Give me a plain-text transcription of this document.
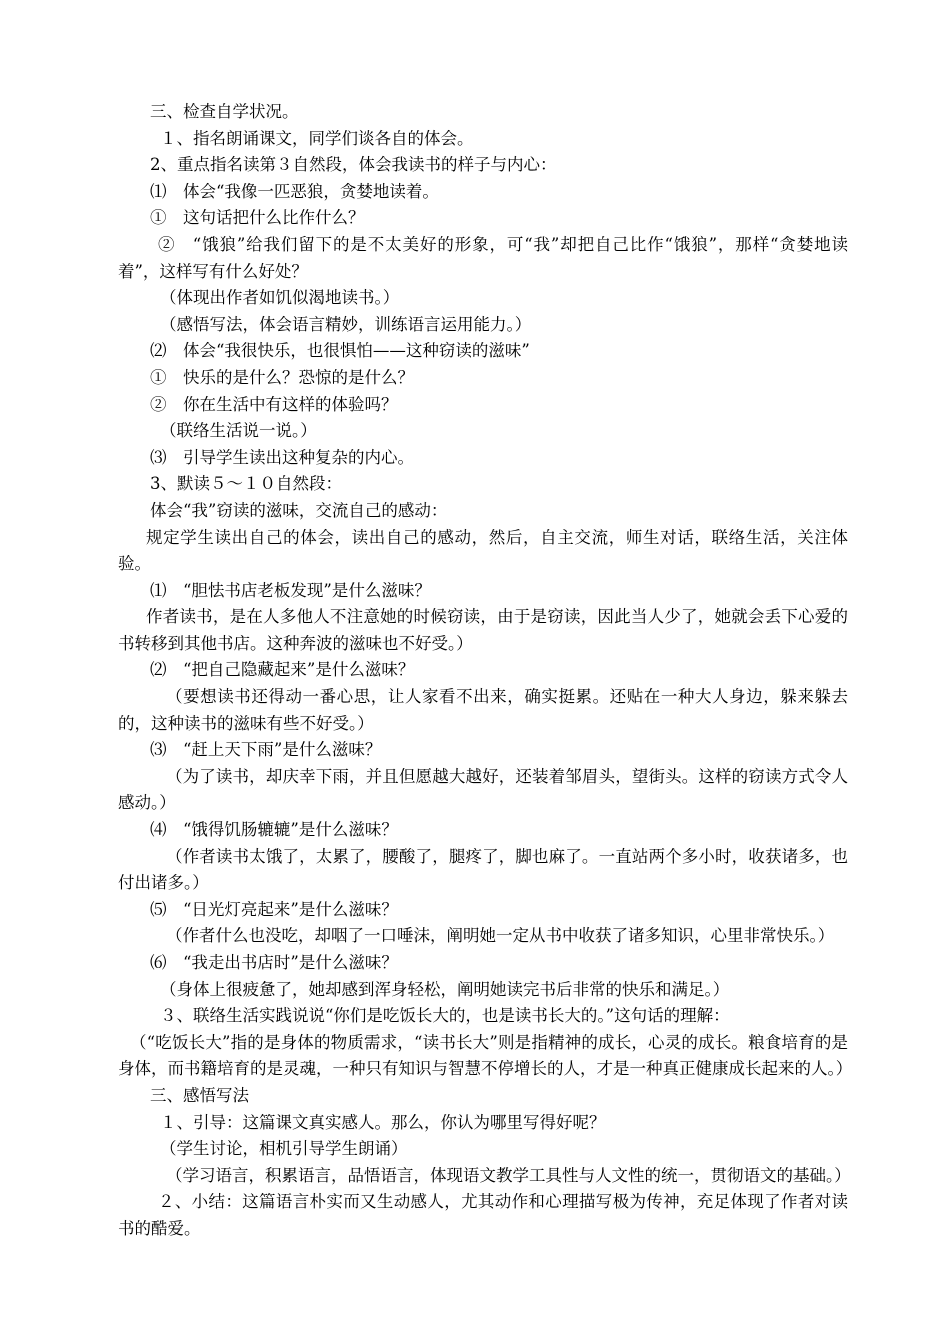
三、检查自学状况。

１、指名朗诵课文，同学们谈各自的体会。

2、重点指名读第３自然段，体会我读书的样子与内心：

⑴　体会“我像一匹恶狼，贪婪地读着。

①　这句话把什么比作什么？

②　“饿狼”给我们留下的是不太美好的形象，可“我”却把自己比作“饿狼”，那样“贪婪地读着”，这样写有什么好处？

（体现出作者如饥似渴地读书。）

（感悟写法，体会语言精妙，训练语言运用能力。）

⑵　体会“我很快乐，也很惧怕——这种窃读的滋味”

①　快乐的是什么？恐惊的是什么？

②　你在生活中有这样的体验吗？

（联络生活说一说。）

⑶　引导学生读出这种复杂的内心。

3、默读５～１０自然段：

体会“我”窃读的滋味，交流自己的感动：

规定学生读出自己的体会，读出自己的感动，然后，自主交流，师生对话，联络生活，关注体验。

⑴　“胆怯书店老板发现”是什么滋味？

作者读书，是在人多他人不注意她的时候窃读，由于是窃读，因此当人少了，她就会丢下心爱的书转移到其他书店。这种奔波的滋味也不好受。）

⑵　“把自己隐藏起来”是什么滋味？

（要想读书还得动一番心思，让人家看不出来，确实挺累。还贴在一种大人身边，躲来躲去的，这种读书的滋味有些不好受。）

⑶　“赶上天下雨”是什么滋味？

（为了读书，却庆幸下雨，并且但愿越大越好，还装着邹眉头，望街头。这样的窃读方式令人感动。）

⑷　“饿得饥肠辘辘”是什么滋味？

（作者读书太饿了，太累了，腰酸了，腿疼了，脚也麻了。一直站两个多小时，收获诸多，也付出诸多。）

⑸　“日光灯亮起来”是什么滋味？

（作者什么也没吃，却咽了一口唾沫，阐明她一定从书中收获了诸多知识，心里非常快乐。）

⑹　“我走出书店时”是什么滋味？

（身体上很疲惫了，她却感到浑身轻松，阐明她读完书后非常的快乐和满足。）

３、联络生活实践说说“你们是吃饭长大的，也是读书长大的。”这句话的理解：

（“吃饭长大”指的是身体的物质需求，“读书长大”则是指精神的成长，心灵的成长。粮食培育的是身体，而书籍培育的是灵魂，一种只有知识与智慧不停增长的人，才是一种真正健康成长起来的人。）

三、感悟写法

１、引导：这篇课文真实感人。那么，你认为哪里写得好呢？

（学生讨论，相机引导学生朗诵）

（学习语言，积累语言，品悟语言，体现语文教学工具性与人文性的统一，贯彻语文的基础。）

２、小结：这篇语言朴实而又生动感人，尤其动作和心理描写极为传神，充足体现了作者对读书的酷爱。
